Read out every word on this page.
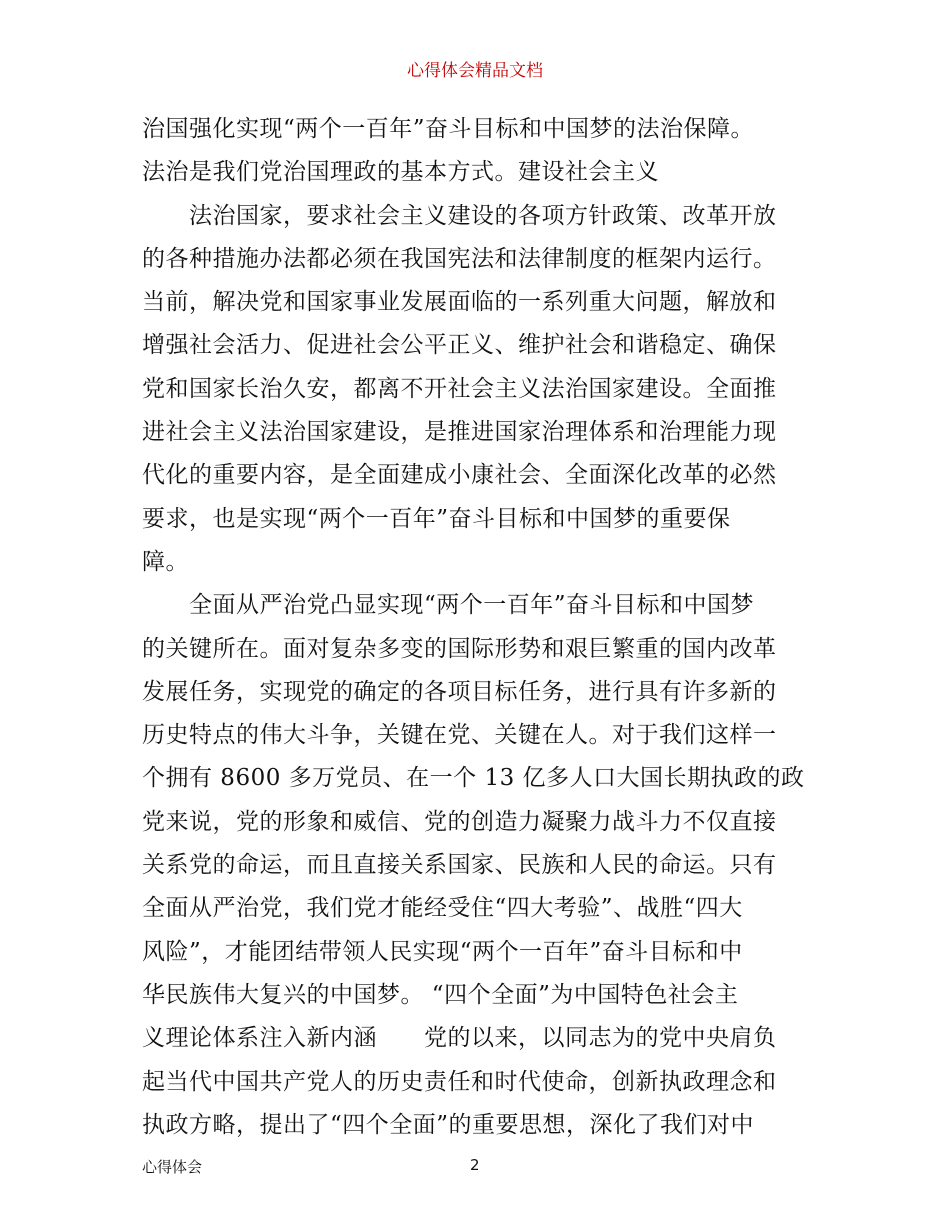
心得体会精品文档
治国强化实现“两个一百年”奋斗目标和中国梦的法治保障。
法治是我们党治国理政的基本方式。建设社会主义
　　法治国家，要求社会主义建设的各项方针政策、改革开放
的各种措施办法都必须在我国宪法和法律制度的框架内运行。
当前，解决党和国家事业发展面临的一系列重大问题，解放和
增强社会活力、促进社会公平正义、维护社会和谐稳定、确保
党和国家长治久安，都离不开社会主义法治国家建设。全面推
进社会主义法治国家建设，是推进国家治理体系和治理能力现
代化的重要内容，是全面建成小康社会、全面深化改革的必然
要求，也是实现“两个一百年”奋斗目标和中国梦的重要保
障。
　　全面从严治党凸显实现“两个一百年”奋斗目标和中国梦
的关键所在。面对复杂多变的国际形势和艰巨繁重的国内改革
发展任务，实现党的确定的各项目标任务，进行具有许多新的
历史特点的伟大斗争，关键在党、关键在人。对于我们这样一
个拥有 8600 多万党员、在一个 13 亿多人口大国长期执政的政
党来说，党的形象和威信、党的创造力凝聚力战斗力不仅直接
关系党的命运，而且直接关系国家、民族和人民的命运。只有
全面从严治党，我们党才能经受住“四大考验”、战胜“四大
风险”，才能团结带领人民实现“两个一百年”奋斗目标和中
华民族伟大复兴的中国梦。 “四个全面”为中国特色社会主
义理论体系注入新内涵　　党的以来，以同志为的党中央肩负
起当代中国共产党人的历史责任和时代使命，创新执政理念和
执政方略，提出了“四个全面”的重要思想，深化了我们对中
心得体会	2
